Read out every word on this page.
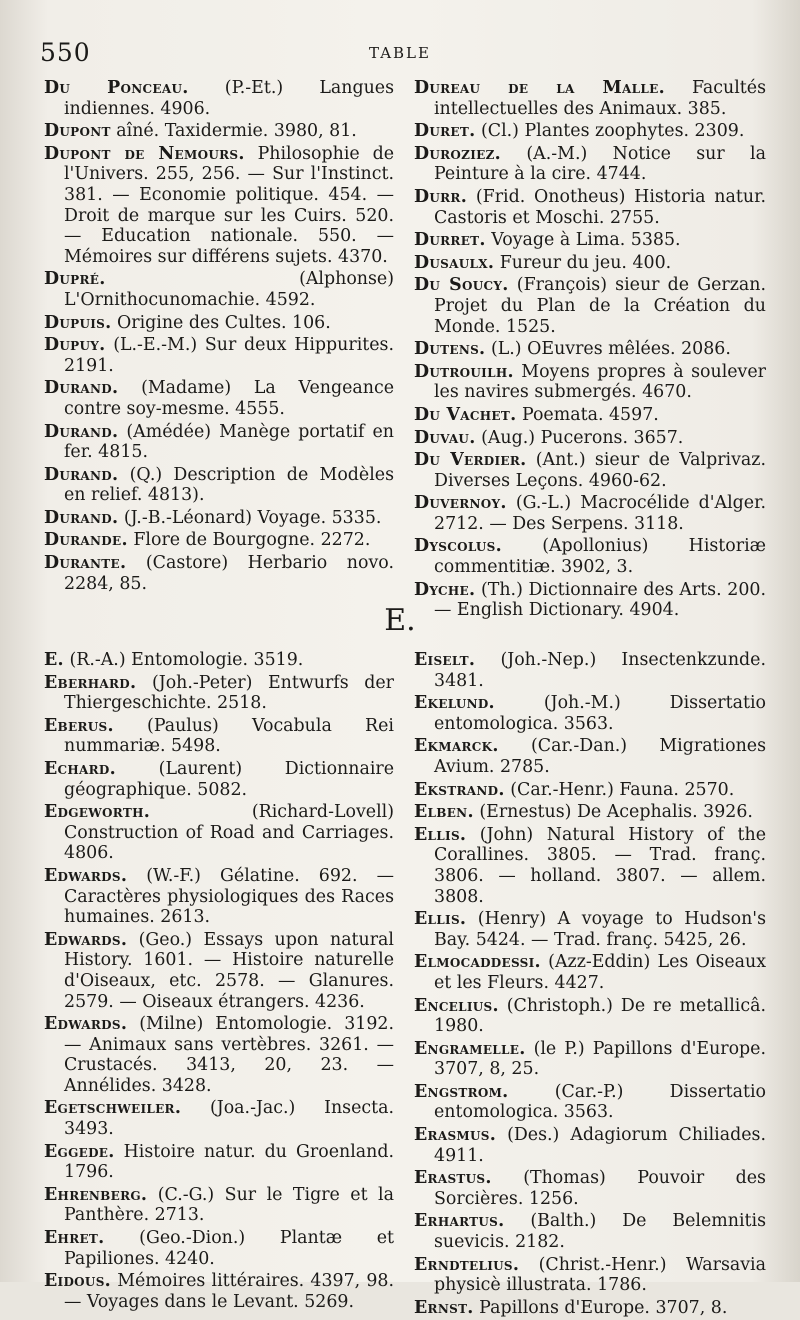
550	TABLE
Du Ponceau. (P.-Et.) Langues indiennes. 4906.
Dupont aîné. Taxidermie. 3980, 81.
Dupont de Nemours. Philosophie de l'Univers. 255, 256. — Sur l'Instinct. 381. — Economie politique. 454. — Droit de marque sur les Cuirs. 520. — Education nationale. 550. — Mémoires sur différens sujets. 4370.
Dupré. (Alphonse) L'Ornithocunomachie. 4592.
Dupuis. Origine des Cultes. 106.
Dupuy. (L.-E.-M.) Sur deux Hippurites. 2191.
Durand. (Madame) La Vengeance contre soy-mesme. 4555.
Durand. (Amédée) Manège portatif en fer. 4815.
Durand. (Q.) Description de Modèles en relief. 4813).
Durand. (J.-B.-Léonard) Voyage. 5335.
Durande. Flore de Bourgogne. 2272.
Durante. (Castore) Herbario novo. 2284, 85.
Dureau de la Malle. Facultés intellectuelles des Animaux. 385.
Duret. (Cl.) Plantes zoophytes. 2309.
Duroziez. (A.-M.) Notice sur la Peinture à la cire. 4744.
Durr. (Frid. Onotheus) Historia natur. Castoris et Moschi. 2755.
Durret. Voyage à Lima. 5385.
Dusaulx. Fureur du jeu. 400.
Du Soucy. (François) sieur de Gerzan. Projet du Plan de la Création du Monde. 1525.
Dutens. (L.) OEuvres mêlées. 2086.
Dutrouilh. Moyens propres à soulever les navires submergés. 4670.
Du Vachet. Poemata. 4597.
Duvau. (Aug.) Pucerons. 3657.
Du Verdier. (Ant.) sieur de Valprivaz. Diverses Leçons. 4960-62.
Duvernoy. (G.-L.) Macrocélide d'Alger. 2712. — Des Serpens. 3118.
Dyscolus. (Apollonius) Historiæ commentitiæ. 3902, 3.
Dyche. (Th.) Dictionnaire des Arts. 200. — English Dictionary. 4904.
E.
E. (R.-A.) Entomologie. 3519.
Eberhard. (Joh.-Peter) Entwurfs der Thiergeschichte. 2518.
Eberus. (Paulus) Vocabula Rei nummariæ. 5498.
Echard. (Laurent) Dictionnaire géographique. 5082.
Edgeworth. (Richard-Lovell) Construction of Road and Carriages. 4806.
Edwards. (W.-F.) Gélatine. 692. — Caractères physiologiques des Races humaines. 2613.
Edwards. (Geo.) Essays upon natural History. 1601. — Histoire naturelle d'Oiseaux, etc. 2578. — Glanures. 2579. — Oiseaux étrangers. 4236.
Edwards. (Milne) Entomologie. 3192. — Animaux sans vertèbres. 3261. — Crustacés. 3413, 20, 23. — Annélides. 3428.
Egetschweiler. (Joa.-Jac.) Insecta. 3493.
Eggede. Histoire natur. du Groenland. 1796.
Ehrenberg. (C.-G.) Sur le Tigre et la Panthère. 2713.
Ehret. (Geo.-Dion.) Plantæ et Papiliones. 4240.
Eidous. Mémoires littéraires. 4397, 98. — Voyages dans le Levant. 5269.
Eiselt. (Joh.-Nep.) Insectenkzunde. 3481.
Ekelund. (Joh.-M.) Dissertatio entomologica. 3563.
Ekmarck. (Car.-Dan.) Migrationes Avium. 2785.
Ekstrand. (Car.-Henr.) Fauna. 2570.
Elben. (Ernestus) De Acephalis. 3926.
Ellis. (John) Natural History of the Corallines. 3805. — Trad. franç. 3806. — holland. 3807. — allem. 3808.
Ellis. (Henry) A voyage to Hudson's Bay. 5424. — Trad. franç. 5425, 26.
Elmocaddessi. (Azz-Eddin) Les Oiseaux et les Fleurs. 4427.
Encelius. (Christoph.) De re metallicâ. 1980.
Engramelle. (le P.) Papillons d'Europe. 3707, 8, 25.
Engstrom. (Car.-P.) Dissertatio entomologica. 3563.
Erasmus. (Des.) Adagiorum Chiliades. 4911.
Erastus. (Thomas) Pouvoir des Sorcières. 1256.
Erhartus. (Balth.) De Belemnitis suevicis. 2182.
Erndtelius. (Christ.-Henr.) Warsavia physicè illustrata. 1786.
Ernst. Papillons d'Europe. 3707, 8.
